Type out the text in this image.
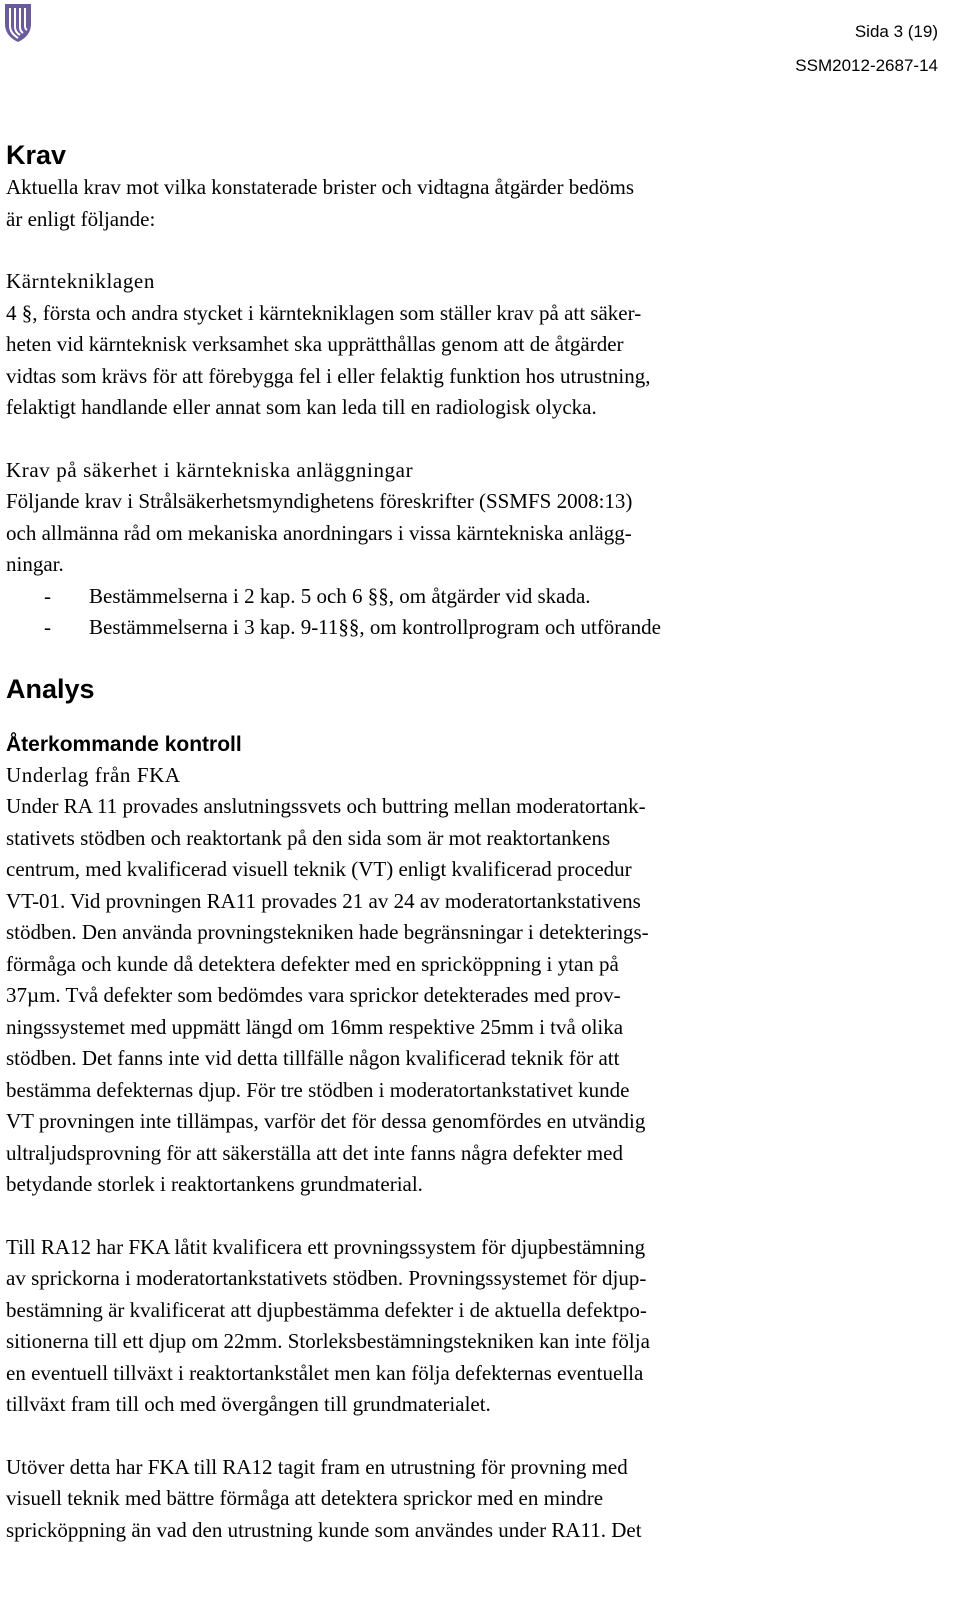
Sida 3 (19)
SSM2012-2687-14
Krav

Aktuella krav mot vilka konstaterade brister och vidtagna åtgärder bedöms
är enligt följande:

Kärntekniklagen

4 §, första och andra stycket i kärntekniklagen som ställer krav på att säker-
heten vid kärnteknisk verksamhet ska upprätthållas genom att de åtgärder
vidtas som krävs för att förebygga fel i eller felaktig funktion hos utrustning,
felaktigt handlande eller annat som kan leda till en radiologisk olycka.

Krav på säkerhet i kärntekniska anläggningar

Följande krav i Strålsäkerhetsmyndighetens föreskrifter (SSMFS 2008:13)
och allmänna råd om mekaniska anordningars i vissa kärntekniska anlägg-
ningar.

- Bestämmelserna i 2 kap. 5 och 6 §§, om åtgärder vid skada.
- Bestämmelserna i 3 kap. 9-11§§, om kontrollprogram och utförande
Analys
Återkommande kontroll

Underlag från FKA

Under RA 11 provades anslutningssvets och buttring mellan moderatortank-
stativets stödben och reaktortank på den sida som är mot reaktortankens
centrum, med kvalificerad visuell teknik (VT) enligt kvalificerad procedur
VT-01. Vid provningen RA11 provades 21 av 24 av moderatortankstativens
stödben. Den använda provningstekniken hade begränsningar i detekterings-
förmåga och kunde då detektera defekter med en spricköppning i ytan på
37µm. Två defekter som bedömdes vara sprickor detekterades med prov-
ningssystemet med uppmätt längd om 16mm respektive 25mm i två olika
stödben. Det fanns inte vid detta tillfälle någon kvalificerad teknik för att
bestämma defekternas djup. För tre stödben i moderatortankstativet kunde
VT provningen inte tillämpas, varför det för dessa genomfördes en utvändig
ultraljudsprovning för att säkerställa att det inte fanns några defekter med
betydande storlek i reaktortankens grundmaterial.

Till RA12 har FKA låtit kvalificera ett provningssystem för djupbestämning
av sprickorna i moderatortankstativets stödben. Provningssystemet för djup-
bestämning är kvalificerat att djupbestämma defekter i de aktuella defektpo-
sitionerna till ett djup om 22mm. Storleksbestämningstekniken kan inte följa
en eventuell tillväxt i reaktortankstålet men kan följa defekternas eventuella
tillväxt fram till och med övergången till grundmaterialet.

Utöver detta har FKA till RA12 tagit fram en utrustning för provning med
visuell teknik med bättre förmåga att detektera sprickor med en mindre
spricköppning än vad den utrustning kunde som användes under RA11. Det
